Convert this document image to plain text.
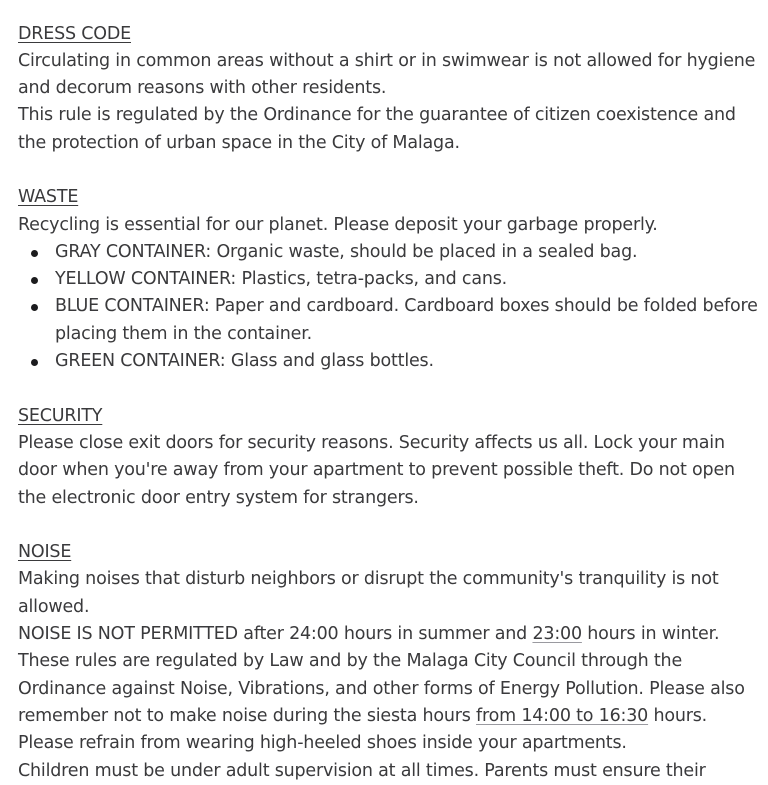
DRESS CODE

Circulating in common areas without a shirt or in swimwear is not allowed for hygiene and decorum reasons with other residents.

This rule is regulated by the Ordinance for the guarantee of citizen coexistence and the protection of urban space in the City of Malaga.

WASTE

Recycling is essential for our planet. Please deposit your garbage properly.

GRAY CONTAINER: Organic waste, should be placed in a sealed bag.
YELLOW CONTAINER: Plastics, tetra-packs, and cans.
BLUE CONTAINER: Paper and cardboard. Cardboard boxes should be folded before placing them in the container.
GREEN CONTAINER: Glass and glass bottles.
SECURITY

Please close exit doors for security reasons. Security affects us all. Lock your main door when you're away from your apartment to prevent possible theft. Do not open the electronic door entry system for strangers.

NOISE

Making noises that disturb neighbors or disrupt the community's tranquility is not allowed.

NOISE IS NOT PERMITTED after 24:00 hours in summer and 23:00 hours in winter.

These rules are regulated by Law and by the Malaga City Council through the Ordinance against Noise, Vibrations, and other forms of Energy Pollution. Please also remember not to make noise during the siesta hours from 14:00 to 16:30 hours.

Please refrain from wearing high-heeled shoes inside your apartments.

Children must be under adult supervision at all times. Parents must ensure their
